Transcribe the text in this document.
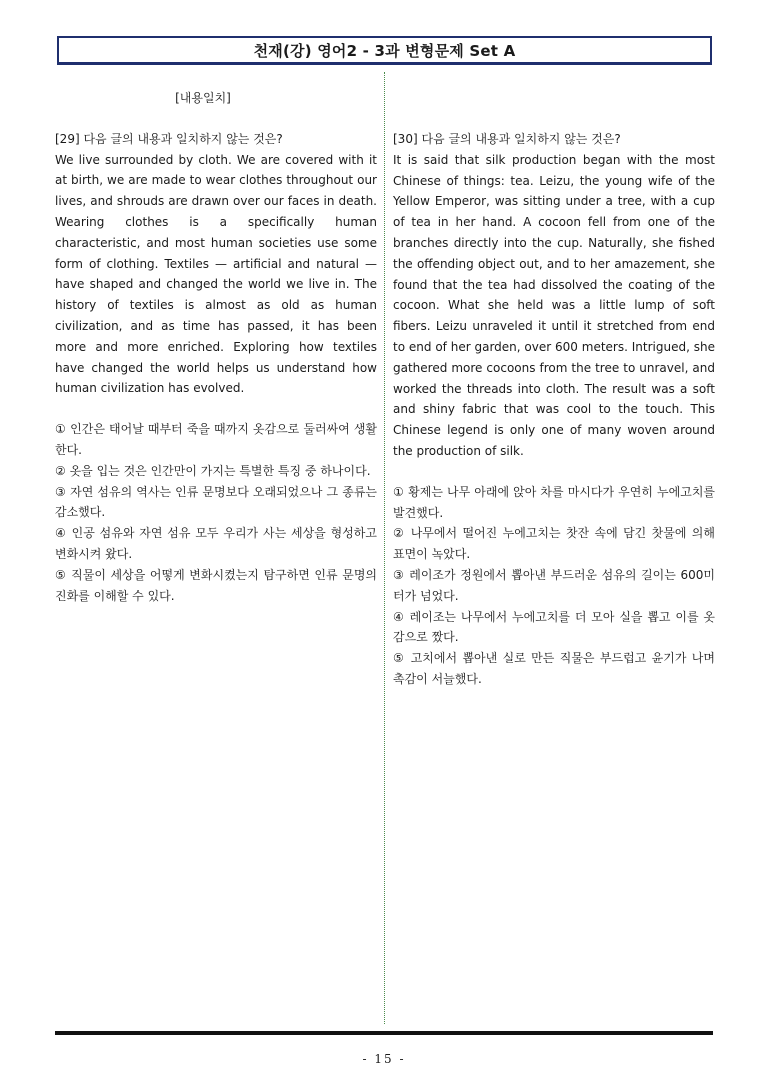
천재(강) 영어2 - 3과 변형문제 Set A
[내용일치]

[29] 다음 글의 내용과 일치하지 않는 것은?

We live surrounded by cloth. We are covered with it at birth, we are made to wear clothes throughout our lives, and shrouds are drawn over our faces in death. Wearing clothes is a specifically human characteristic, and most human societies use some form of clothing. Textiles — artificial and natural — have shaped and changed the world we live in. The history of textiles is almost as old as human civilization, and as time has passed, it has been more and more enriched. Exploring how textiles have changed the world helps us understand how human civilization has evolved.

① 인간은 태어날 때부터 죽을 때까지 옷감으로 둘러싸여 생활한다.
② 옷을 입는 것은 인간만이 가지는 특별한 특징 중 하나이다.
③ 자연 섬유의 역사는 인류 문명보다 오래되었으나 그 종류는 감소했다.
④ 인공 섬유와 자연 섬유 모두 우리가 사는 세상을 형성하고 변화시켜 왔다.
⑤ 직물이 세상을 어떻게 변화시켰는지 탐구하면 인류 문명의 진화를 이해할 수 있다.

[30] 다음 글의 내용과 일치하지 않는 것은?

It is said that silk production began with the most Chinese of things: tea. Leizu, the young wife of the Yellow Emperor, was sitting under a tree, with a cup of tea in her hand. A cocoon fell from one of the branches directly into the cup. Naturally, she fished the offending object out, and to her amazement, she found that the tea had dissolved the coating of the cocoon. What she held was a little lump of soft fibers. Leizu unraveled it until it stretched from end to end of her garden, over 600 meters. Intrigued, she gathered more cocoons from the tree to unravel, and worked the threads into cloth. The result was a soft and shiny fabric that was cool to the touch. This Chinese legend is only one of many woven around the production of silk.

① 황제는 나무 아래에 앉아 차를 마시다가 우연히 누에고치를 발견했다.
② 나무에서 떨어진 누에고치는 찻잔 속에 담긴 찻물에 의해 표면이 녹았다.
③ 레이조가 정원에서 뽑아낸 부드러운 섬유의 길이는 600미터가 넘었다.
④ 레이조는 나무에서 누에고치를 더 모아 실을 뽑고 이를 옷감으로 짰다.
⑤ 고치에서 뽑아낸 실로 만든 직물은 부드럽고 윤기가 나며 촉감이 서늘했다.
- 15 -
